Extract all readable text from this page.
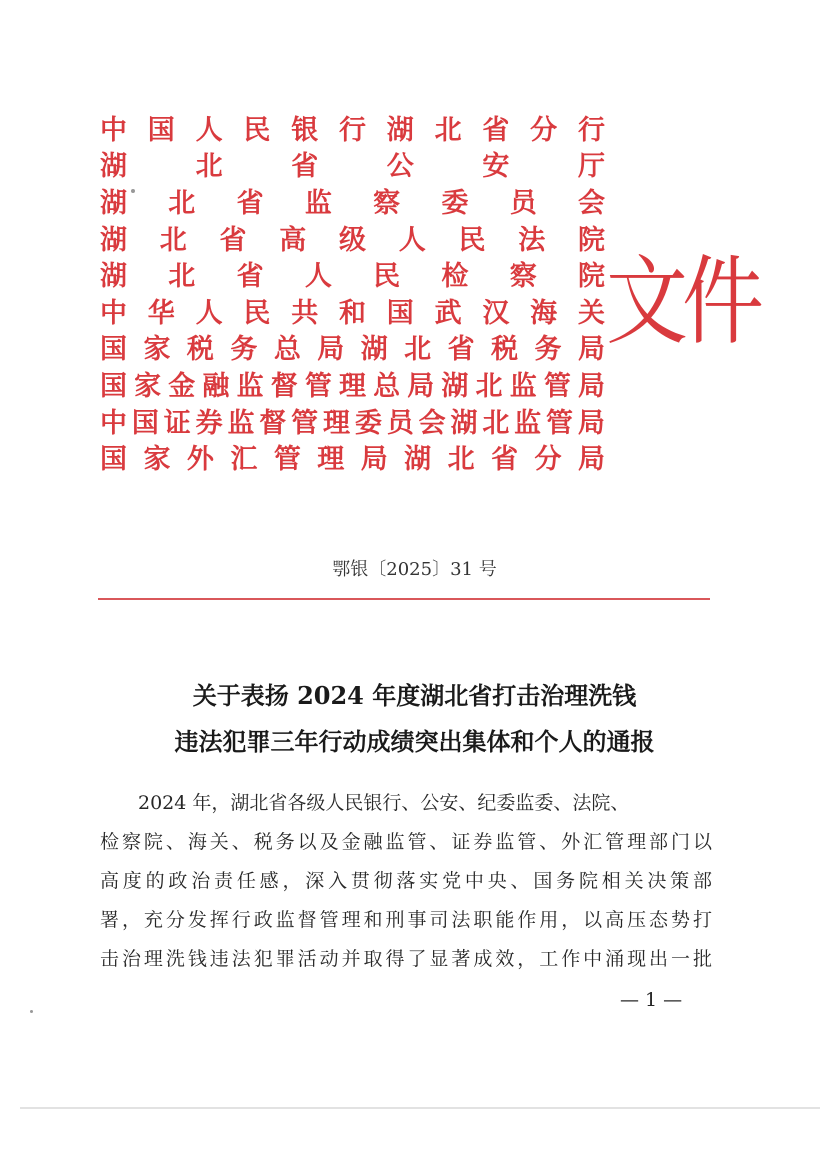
中 国 人 民 银 行 湖 北 省 分 行
湖	北	省	公	安	厅
湖 北 省 监 察 委 员 会
湖 北 省 高 级 人 民 法 院
湖 北 省 人 民 检 察 院
中 华 人 民 共 和 国 武 汉 海 关
国 家 税 务 总 局 湖 北 省 税 务 局
国 家 金 融 监 督 管 理 总 局 湖 北 监 管 局
中 国 证 券 监 督 管 理 委 员 会 湖 北 监 管 局
国 家 外 汇 管 理 局 湖 北 省 分 局
文件
鄂银〔2025〕31 号
关于表扬 2024 年度湖北省打击治理洗钱
违法犯罪三年行动成绩突出集体和个人的通报
　　2024 年，湖北省各级人民银行、公安、纪委监委、法院、
检察院、海关、税务以及金融监管、证券监管、外汇管理部门以
高度的政治责任感，深入贯彻落实党中央、国务院相关决策部
署，充分发挥行政监督管理和刑事司法职能作用，以高压态势打
击治理洗钱违法犯罪活动并取得了显著成效，工作中涌现出一批
— 1 —
